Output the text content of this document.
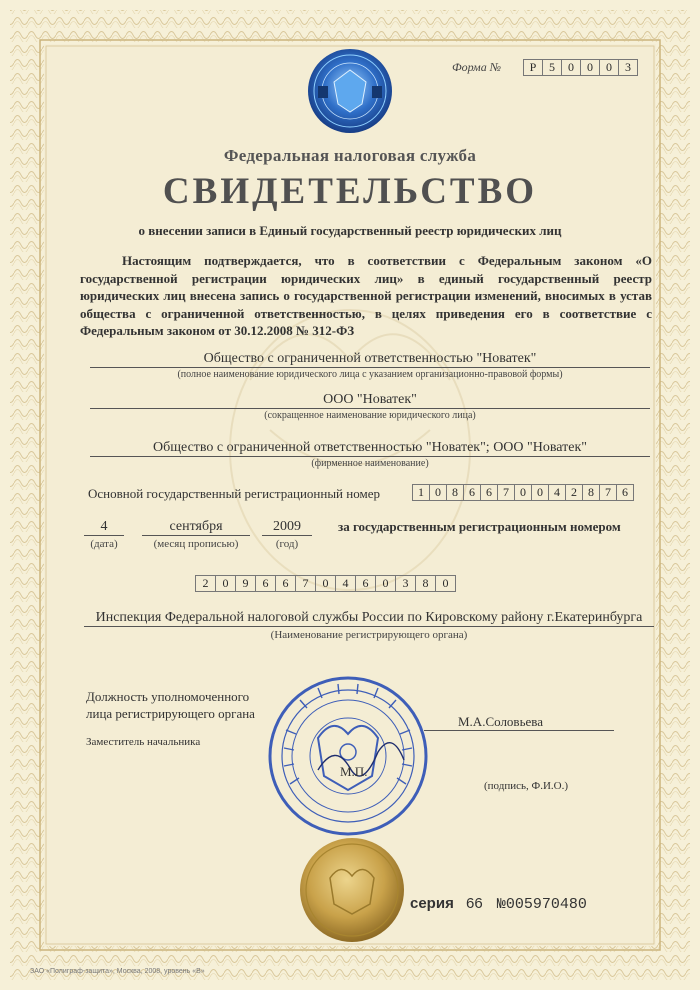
Форма №	Р	5	0	0	0	3
Федеральная налоговая служба
СВИДЕТЕЛЬСТВО
о внесении записи в Единый государственный реестр юридических лиц
Настоящим подтверждается, что в соответствии с Федеральным законом «О государственной регистрации юридических лиц» в единый государственный реестр юридических лиц внесена запись о государственной регистрации изменений, вносимых в устав общества с ограниченной ответственностью, в целях приведения его в соответствие с Федеральным законом от 30.12.2008 № 312-ФЗ
Общество с ограниченной ответственностью "Новатек"
(полное наименование юридического лица с указанием организационно-правовой формы)
ООО "Новатек"
(сокращенное наименование юридического лица)
Общество с ограниченной ответственностью "Новатек"; ООО "Новатек"
(фирменное наименование)
Основной государственный регистрационный номер	1 0 8 6 6 7 0 0 4 2 8 7 6
4
(дата)
сентября
(месяц прописью)
2009
(год)
за государственным регистрационным номером
2	0	9	6	6	7	0	4	6	0	3	8	0
Инспекция Федеральной налоговой службы России по Кировскому району г.Екатеринбурга
(Наименование регистрирующего органа)
Должность уполномоченного
лица регистрирующего органа
Заместитель начальника
М.А.Соловьева
М.П.
(подпись, Ф.И.О.)
серия 66 №005970480
ЗАО «Полиграф-защита», Москва, 2008, уровень «В»
